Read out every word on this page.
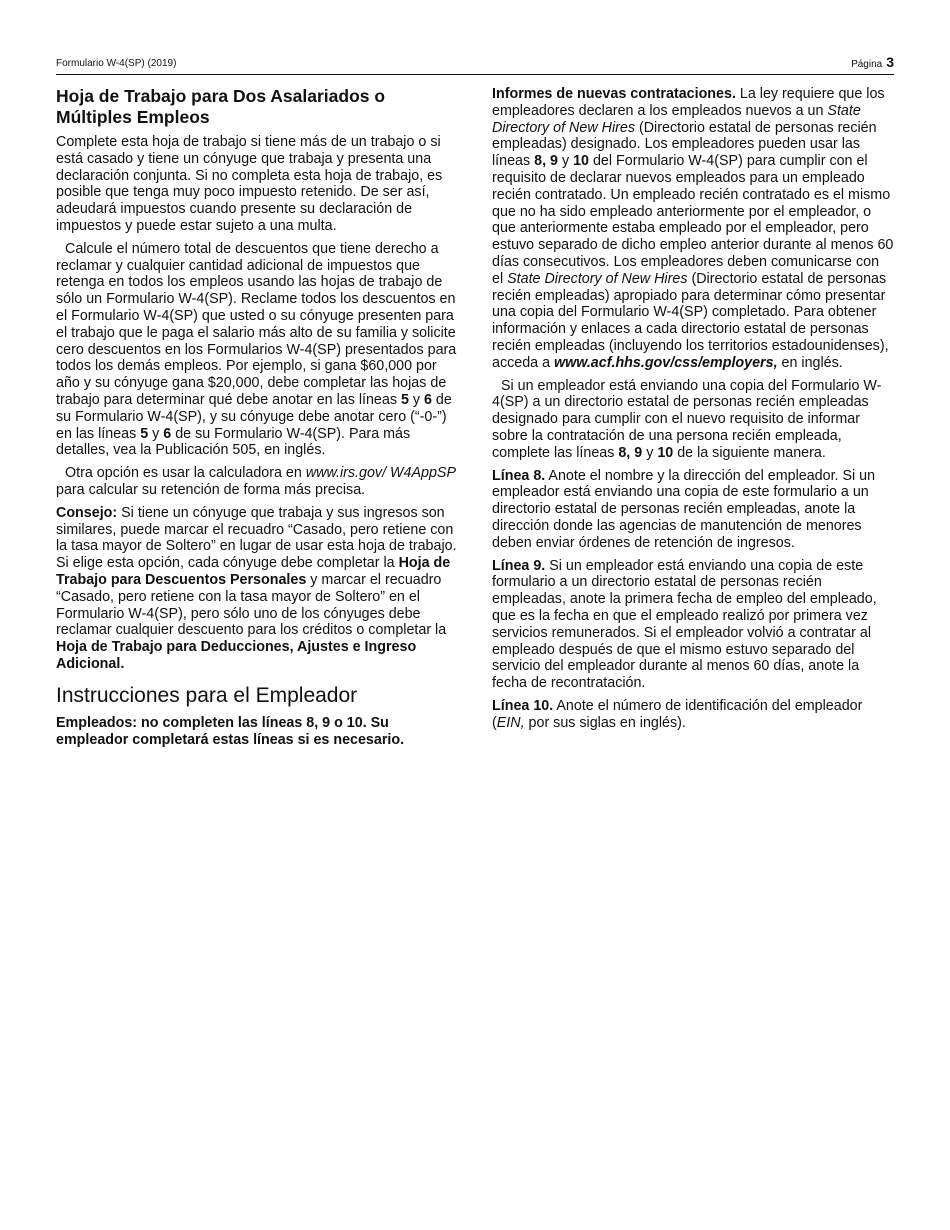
Formulario W-4(SP) (2019)	Página 3
Hoja de Trabajo para Dos Asalariados o Múltiples Empleos

Complete esta hoja de trabajo si tiene más de un trabajo o si está casado y tiene un cónyuge que trabaja y presenta una declaración conjunta. Si no completa esta hoja de trabajo, es posible que tenga muy poco impuesto retenido. De ser así, adeudará impuestos cuando presente su declaración de impuestos y puede estar sujeto a una multa.

Calcule el número total de descuentos que tiene derecho a reclamar y cualquier cantidad adicional de impuestos que retenga en todos los empleos usando las hojas de trabajo de sólo un Formulario W-4(SP). Reclame todos los descuentos en el Formulario W-4(SP) que usted o su cónyuge presenten para el trabajo que le paga el salario más alto de su familia y solicite cero descuentos en los Formularios W-4(SP) presentados para todos los demás empleos. Por ejemplo, si gana $60,000 por año y su cónyuge gana $20,000, debe completar las hojas de trabajo para determinar qué debe anotar en las líneas 5 y 6 de su Formulario W-4(SP), y su cónyuge debe anotar cero (“-0-”) en las líneas 5 y 6 de su Formulario W-4(SP). Para más detalles, vea la Publicación 505, en inglés.

Otra opción es usar la calculadora en www.irs.gov/ W4AppSP para calcular su retención de forma más precisa.

Consejo: Si tiene un cónyuge que trabaja y sus ingresos son similares, puede marcar el recuadro “Casado, pero retiene con la tasa mayor de Soltero” en lugar de usar esta hoja de trabajo. Si elige esta opción, cada cónyuge debe completar la Hoja de Trabajo para Descuentos Personales y marcar el recuadro “Casado, pero retiene con la tasa mayor de Soltero” en el Formulario W-4(SP), pero sólo uno de los cónyuges debe reclamar cualquier descuento para los créditos o completar la Hoja de Trabajo para Deducciones, Ajustes e Ingreso Adicional.

Instrucciones para el Empleador

Empleados: no completen las líneas 8, 9 o 10. Su empleador completará estas líneas si es necesario.

Informes de nuevas contrataciones. La ley requiere que los empleadores declaren a los empleados nuevos a un State Directory of New Hires (Directorio estatal de personas recién empleadas) designado. Los empleadores pueden usar las líneas 8, 9 y 10 del Formulario W-4(SP) para cumplir con el requisito de declarar nuevos empleados para un empleado recién contratado. Un empleado recién contratado es el mismo que no ha sido empleado anteriormente por el empleador, o que anteriormente estaba empleado por el empleador, pero estuvo separado de dicho empleo anterior durante al menos 60 días consecutivos. Los empleadores deben comunicarse con el State Directory of New Hires (Directorio estatal de personas recién empleadas) apropiado para determinar cómo presentar una copia del Formulario W-4(SP) completado. Para obtener información y enlaces a cada directorio estatal de personas recién empleadas (incluyendo los territorios estadounidenses), acceda a www.acf.hhs.gov/css/employers, en inglés.

Si un empleador está enviando una copia del Formulario W-4(SP) a un directorio estatal de personas recién empleadas designado para cumplir con el nuevo requisito de informar sobre la contratación de una persona recién empleada, complete las líneas 8, 9 y 10 de la siguiente manera.

Línea 8. Anote el nombre y la dirección del empleador. Si un empleador está enviando una copia de este formulario a un directorio estatal de personas recién empleadas, anote la dirección donde las agencias de manutención de menores deben enviar órdenes de retención de ingresos.

Línea 9. Si un empleador está enviando una copia de este formulario a un directorio estatal de personas recién empleadas, anote la primera fecha de empleo del empleado, que es la fecha en que el empleado realizó por primera vez servicios remunerados. Si el empleador volvió a contratar al empleado después de que el mismo estuvo separado del servicio del empleador durante al menos 60 días, anote la fecha de recontratación.

Línea 10. Anote el número de identificación del empleador (EIN, por sus siglas en inglés).
